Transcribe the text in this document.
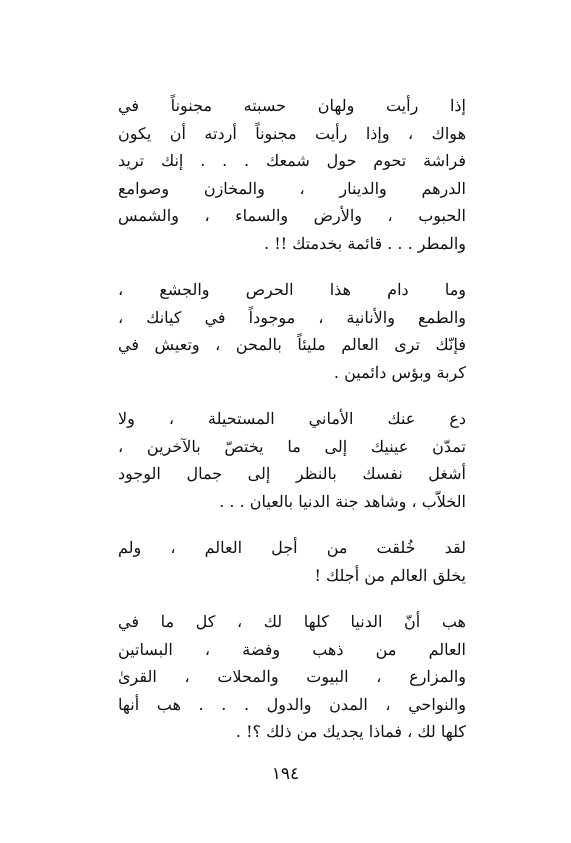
إذا رأيت ولهان حسبته مجنوناً في
هواك ، وإذا رأيت مجنوناً أردته أن يكون
فراشة تحوم حول شمعك . . . إنك تريد
الدرهم والدينار ، والمخازن وصوامع
الحبوب ، والأرض والسماء ، والشمس
والمطر . . . قائمة بخدمتك !! .
وما دام هذا الحرص والجشع ،
والطمع والأنانية ، موجوداً في كيانك ،
فإنّك ترى العالم مليئاً بالمحن ، وتعيش في
كربة وبؤس دائمين .
دع عنك الأماني المستحيلة ، ولا
تمدّن عينيك إلى ما يختصّ بالآخرين ،
أشغل نفسك بالنظر إلى جمال الوجود
الخلاّب ، وشاهد جنة الدنيا بالعيان . . .
لقد خُلقت من أجل العالم ، ولم
يخلق العالم من أجلك !
هب أنّ الدنيا كلها لك ، كل ما في
العالم من ذهب وفضة ، البساتين
والمزارع ، البيوت والمحلات ، القرىٰ
والنواحي ، المدن والدول . . . هب أنها
كلها لك ، فماذا يجديك من ذلك ؟! .
١٩٤
